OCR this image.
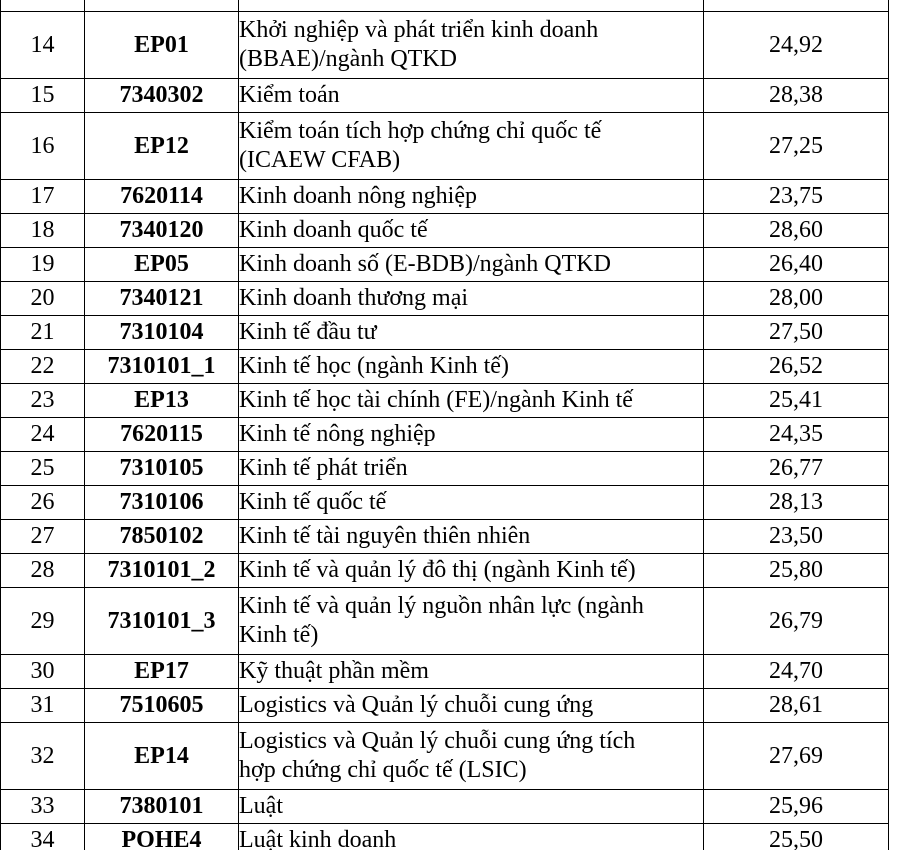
14	EP01	Khởi nghiệp và phát triển kinh doanh
(BBAE)/ngành QTKD	24,92
15	7340302	Kiểm toán	28,38
16	EP12	Kiểm toán tích hợp chứng chỉ quốc tế
(ICAEW CFAB)	27,25
17	7620114	Kinh doanh nông nghiệp	23,75
18	7340120	Kinh doanh quốc tế	28,60
19	EP05	Kinh doanh số (E-BDB)/ngành QTKD	26,40
20	7340121	Kinh doanh thương mại	28,00
21	7310104	Kinh tế đầu tư	27,50
22	7310101_1	Kinh tế học (ngành Kinh tế)	26,52
23	EP13	Kinh tế học tài chính (FE)/ngành Kinh tế	25,41
24	7620115	Kinh tế nông nghiệp	24,35
25	7310105	Kinh tế phát triển	26,77
26	7310106	Kinh tế quốc tế	28,13
27	7850102	Kinh tế tài nguyên thiên nhiên	23,50
28	7310101_2	Kinh tế và quản lý đô thị (ngành Kinh tế)	25,80
29	7310101_3	Kinh tế và quản lý nguồn nhân lực (ngành
Kinh tế)	26,79
30	EP17	Kỹ thuật phần mềm	24,70
31	7510605	Logistics và Quản lý chuỗi cung ứng	28,61
32	EP14	Logistics và Quản lý chuỗi cung ứng tích
hợp chứng chỉ quốc tế (LSIC)	27,69
33	7380101	Luật	25,96
34	POHE4	Luật kinh doanh	25,50
